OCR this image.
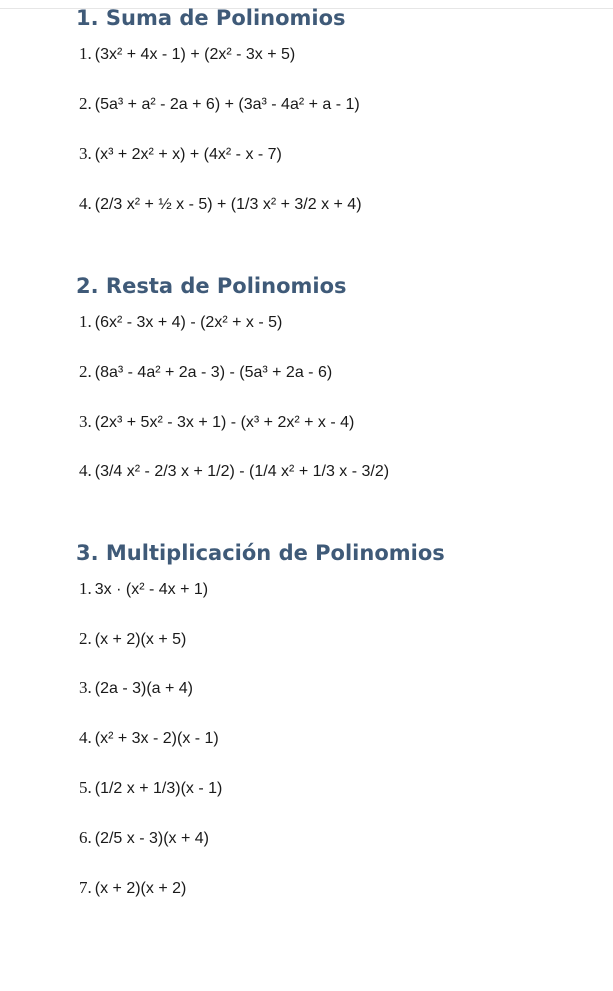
1. Suma de Polinomios
1. (3x² + 4x - 1) + (2x² - 3x + 5)
2. (5a³ + a² - 2a + 6) + (3a³ - 4a² + a - 1)
3. (x³ + 2x² + x) + (4x² - x - 7)
4. (2/3 x² + ½ x - 5) + (1/3 x² + 3/2 x + 4)
2. Resta de Polinomios
1. (6x² - 3x + 4) - (2x² + x - 5)
2. (8a³ - 4a² + 2a - 3) - (5a³ + 2a - 6)
3. (2x³ + 5x² - 3x + 1) - (x³ + 2x² + x - 4)
4. (3/4 x² - 2/3 x + 1/2) - (1/4 x² + 1/3 x - 3/2)
3. Multiplicación de Polinomios
1. 3x · (x² - 4x + 1)
2. (x + 2)(x + 5)
3. (2a - 3)(a + 4)
4. (x² + 3x - 2)(x - 1)
5. (1/2 x + 1/3)(x - 1)
6. (2/5 x - 3)(x + 4)
7. (x + 2)(x + 2)
